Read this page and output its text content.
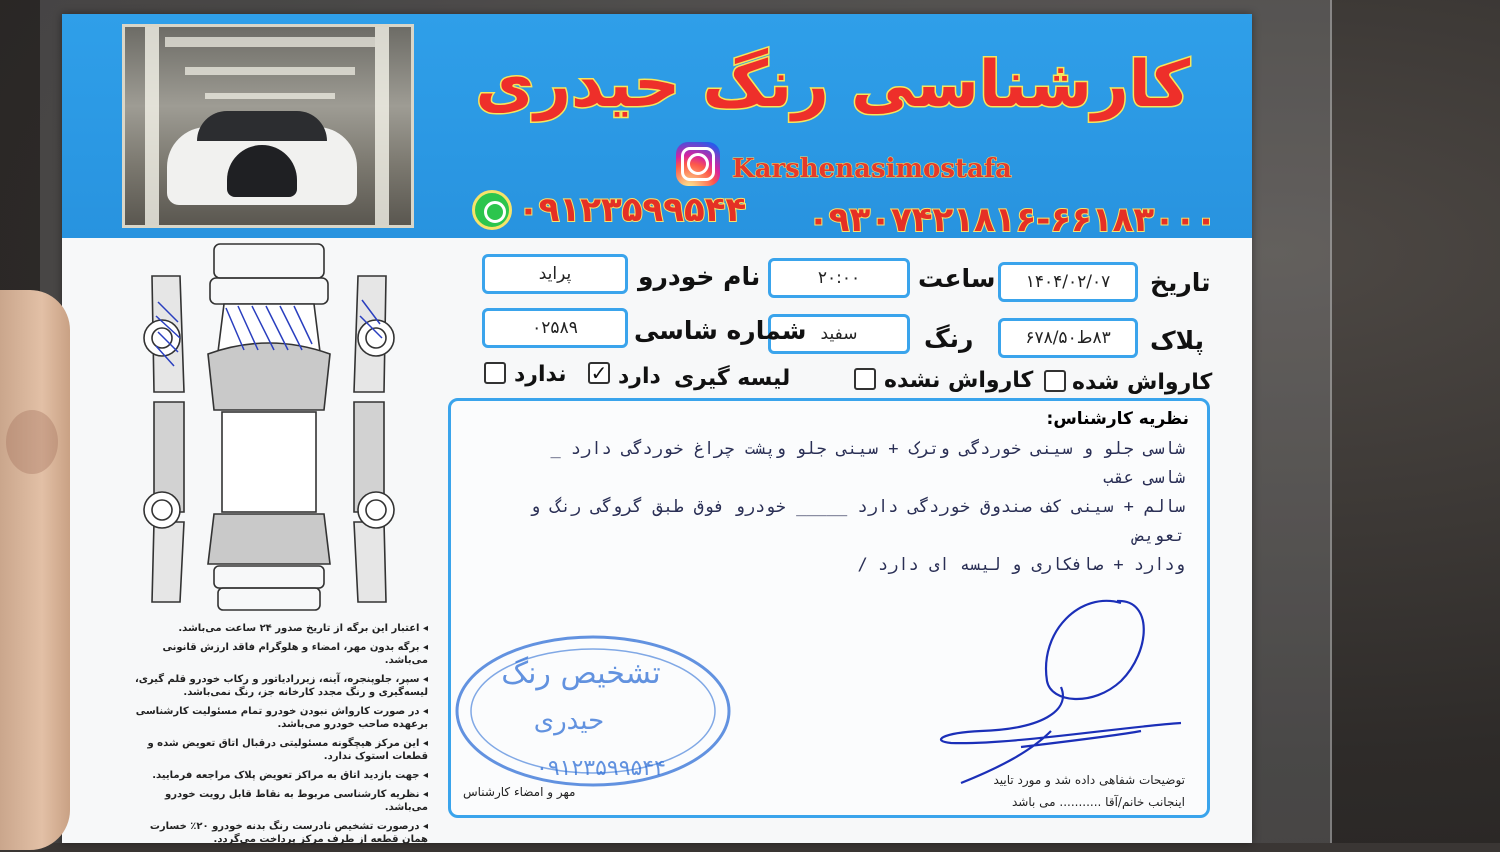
کارشناسی رنگ حیدری
Karshenasimostafa
۰۹۱۲۳۵۹۹۵۴۴ ۰۹۳۰۷۴۲۱۸۱۶-۶۶۱۸۳۰۰۰
تاریخ
۱۴۰۴/۰۲/۰۷
ساعت
۲۰:۰۰
نام خودرو
پراید
پلاک
۸۳ط۶۷۸/۵۰
رنگ
سفید
شماره شاسی
۰۲۵۸۹
کارواش شده
کارواش نشده
لیسه گیری
دارد
✓
ندارد
نظریه کارشناس:
شاسی جلو و سینی خوردگی وترک + سینی جلو وپشت چراغ خوردگی دارد _ شاسی عقب
سالم + سینی کف صندوق خوردگی دارد _____ خودرو فوق طبق گروگی رنگ و تعویض
ودارد + صافکاری و لیسه ای دارد /
تشخیص رنگ
حیدری
۰۹۱۲۳۵۹۹۵۴۴	توضیحات شفاهی داده شد و مورد تایید
اینجانب خانم/آقا ........... می باشد
مهر و امضاء کارشناس
◂ اعتبار این برگه از تاریخ صدور ۲۴ ساعت می‌باشد.
◂ برگه بدون مهر، امضاء و هلوگرام فاقد ارزش قانونی می‌باشد.
◂ سپر، جلوپنجره، آینه، زیررادیاتور و رکاب خودرو قلم گیری، لیسه‌گیری و رنگ مجدد کارخانه جز، رنگ نمی‌باشد.
◂ در صورت کارواش نبودن خودرو تمام مسئولیت کارشناسی برعهده صاحب خودرو می‌باشد.
◂ این مرکز هیچگونه مسئولیتی درقبال اتاق تعویض شده و قطعات استوک ندارد.
◂ جهت بازدید اتاق به مراکز تعویض پلاک مراجعه فرمایید.
◂ نظریه کارشناسی مربوط به نقاط قابل رویت خودرو می‌باشد.
◂ درصورت تشخیص نادرست رنگ بدنه خودرو ۲۰٪ خسارت همان قطعه از طرف مرکز پرداخت می‌گردد.
